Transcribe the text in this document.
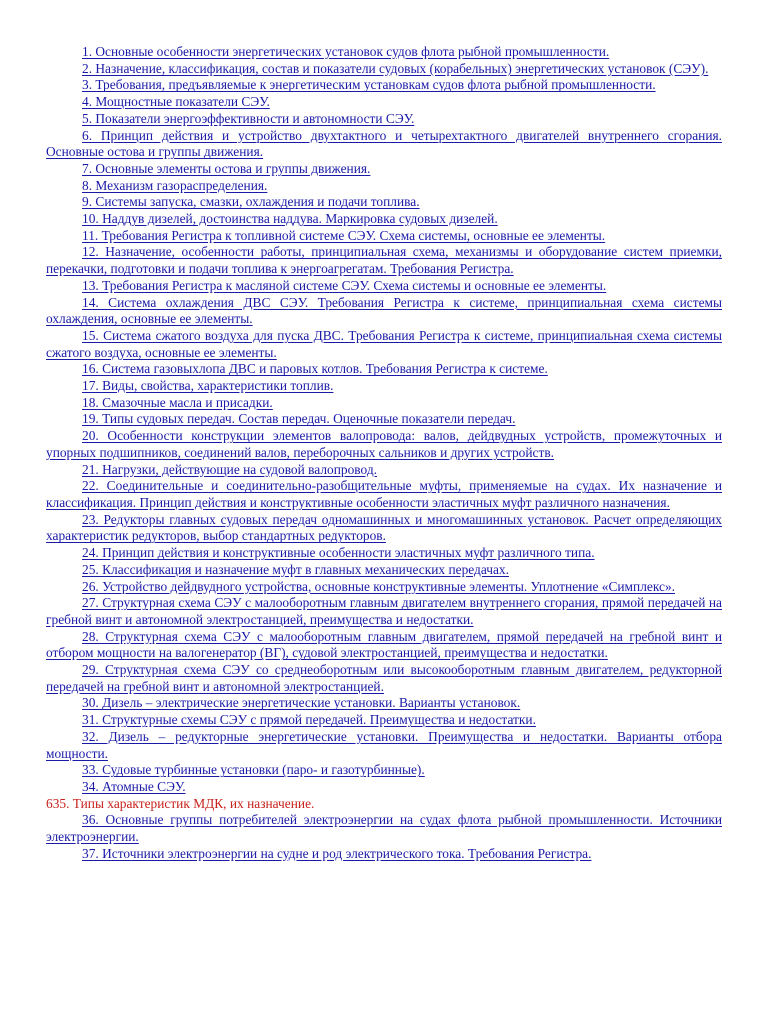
1. Основные особенности энергетических установок судов флота рыбной промышленности.

2. Назначение, классификация, состав и показатели судовых (корабельных) энергетических установок (СЭУ).

3. Требования, предъявляемые к энергетическим установкам судов флота рыбной промышленности.

4. Мощностные показатели СЭУ.

5. Показатели энергоэффективности и автономности СЭУ.

6. Принцип действия и устройство двухтактного и четырехтактного двигателей внутреннего сгорания. Основные остова и группы движения.

7. Основные элементы остова и группы движения.

8. Механизм газораспределения.

9. Системы запуска, смазки, охлаждения и подачи топлива.

10. Наддув дизелей, достоинства наддува. Маркировка судовых дизелей.

11. Требования Регистра к топливной системе СЭУ. Схема системы, основные ее элементы.

12. Назначение, особенности работы, принципиальная схема, механизмы и оборудование систем приемки, перекачки, подготовки и подачи топлива к энергоагрегатам. Требования Регистра.

13. Требования Регистра к масляной системе СЭУ. Схема системы и основные ее элементы.

14. Система охлаждения ДВС СЭУ. Требования Регистра к системе, принципиальная схема системы охлаждения, основные ее элементы.

15. Система сжатого воздуха для пуска ДВС. Требования Регистра к системе, принципиальная схема системы сжатого воздуха, основные ее элементы.

16. Система газовыхлопа ДВС и паровых котлов. Требования Регистра к системе.

17. Виды, свойства, характеристики топлив.

18. Смазочные масла и присадки.

19. Типы судовых передач. Состав передач. Оценочные показатели передач.

20. Особенности конструкции элементов валопровода: валов, дейдвудных устройств, промежуточных и упорных подшипников, соединений валов, переборочных сальников и других устройств.

21. Нагрузки, действующие на судовой валопровод.

22. Соединительные и соединительно-разобщительные муфты, применяемые на судах. Их назначение и классификация. Принцип действия и конструктивные особенности эластичных муфт различного назначения.

23. Редукторы главных судовых передач одномашинных и многомашинных установок. Расчет определяющих характеристик редукторов, выбор стандартных редукторов.

24. Принцип действия и конструктивные особенности эластичных муфт различного типа.

25. Классификация и назначение муфт в главных механических передачах.

26. Устройство дейдвудного устройства, основные конструктивные элементы. Уплотнение «Симплекс».

27. Структурная схема СЭУ с малооборотным главным двигателем внутреннего сгорания, прямой передачей на гребной винт и автономной электростанцией, преимущества и недостатки.

28. Структурная схема СЭУ с малооборотным главным двигателем, прямой передачей на гребной винт и отбором мощности на валогенератор (ВГ), судовой электростанцией, преимущества и недостатки.

29. Структурная схема СЭУ со среднеоборотным или высокооборотным главным двигателем, редукторной передачей на гребной винт и автономной электростанцией.

30. Дизель – электрические энергетические установки. Варианты установок.

31. Структурные схемы СЭУ с прямой передачей. Преимущества и недостатки.

32. Дизель – редукторные энергетические установки. Преимущества и недостатки. Варианты отбора мощности.

33. Судовые турбинные установки (паро- и газотурбинные).

34. Атомные СЭУ.

635. Типы характеристик МДК, их назначение.

36. Основные группы потребителей электроэнергии на судах флота рыбной промышленности. Источники электроэнергии.

37. Источники электроэнергии на судне и род электрического тока. Требования Регистра.
